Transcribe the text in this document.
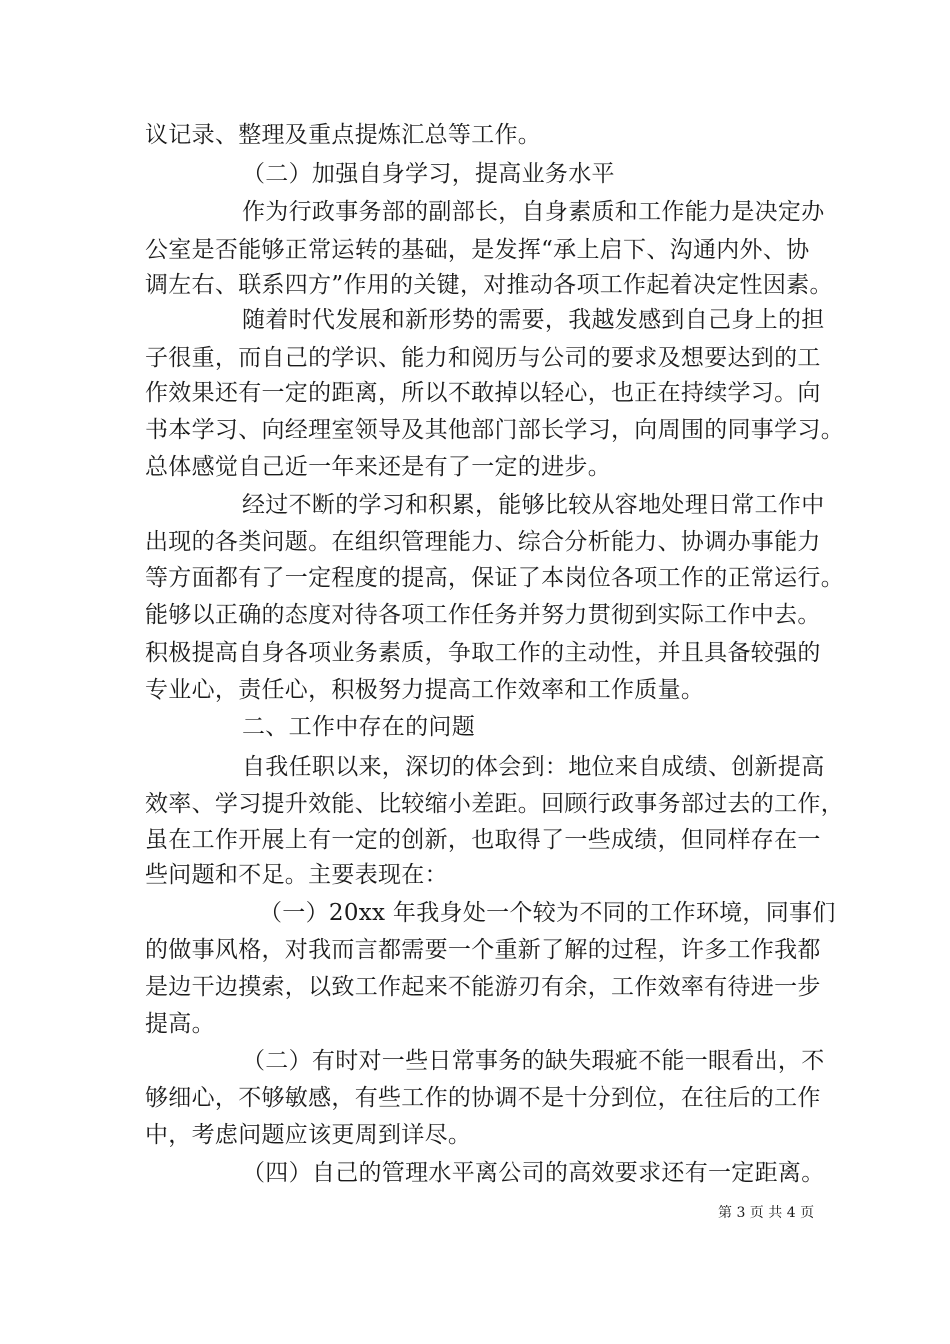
议记录、整理及重点提炼汇总等工作。
（二）加强自身学习，提高业务水平
作为行政事务部的副部长，自身素质和工作能力是决定办
公室是否能够正常运转的基础，是发挥“承上启下、沟通内外、协
调左右、联系四方”作用的关键，对推动各项工作起着决定性因素。
随着时代发展和新形势的需要，我越发感到自己身上的担
子很重，而自己的学识、能力和阅历与公司的要求及想要达到的工
作效果还有一定的距离，所以不敢掉以轻心，也正在持续学习。向
书本学习、向经理室领导及其他部门部长学习，向周围的同事学习。
总体感觉自己近一年来还是有了一定的进步。
经过不断的学习和积累，能够比较从容地处理日常工作中
出现的各类问题。在组织管理能力、综合分析能力、协调办事能力
等方面都有了一定程度的提高，保证了本岗位各项工作的正常运行。
能够以正确的态度对待各项工作任务并努力贯彻到实际工作中去。
积极提高自身各项业务素质，争取工作的主动性，并且具备较强的
专业心，责任心，积极努力提高工作效率和工作质量。
二、工作中存在的问题
自我任职以来，深切的体会到：地位来自成绩、创新提高
效率、学习提升效能、比较缩小差距。回顾行政事务部过去的工作，
虽在工作开展上有一定的创新，也取得了一些成绩，但同样存在一
些问题和不足。主要表现在：
（一）20xx 年我身处一个较为不同的工作环境，同事们
的做事风格，对我而言都需要一个重新了解的过程，许多工作我都
是边干边摸索，以致工作起来不能游刃有余，工作效率有待进一步
提高。
（二）有时对一些日常事务的缺失瑕疵不能一眼看出，不
够细心，不够敏感，有些工作的协调不是十分到位，在往后的工作
中，考虑问题应该更周到详尽。
（四）自己的管理水平离公司的高效要求还有一定距离。
第 3 页 共 4 页
